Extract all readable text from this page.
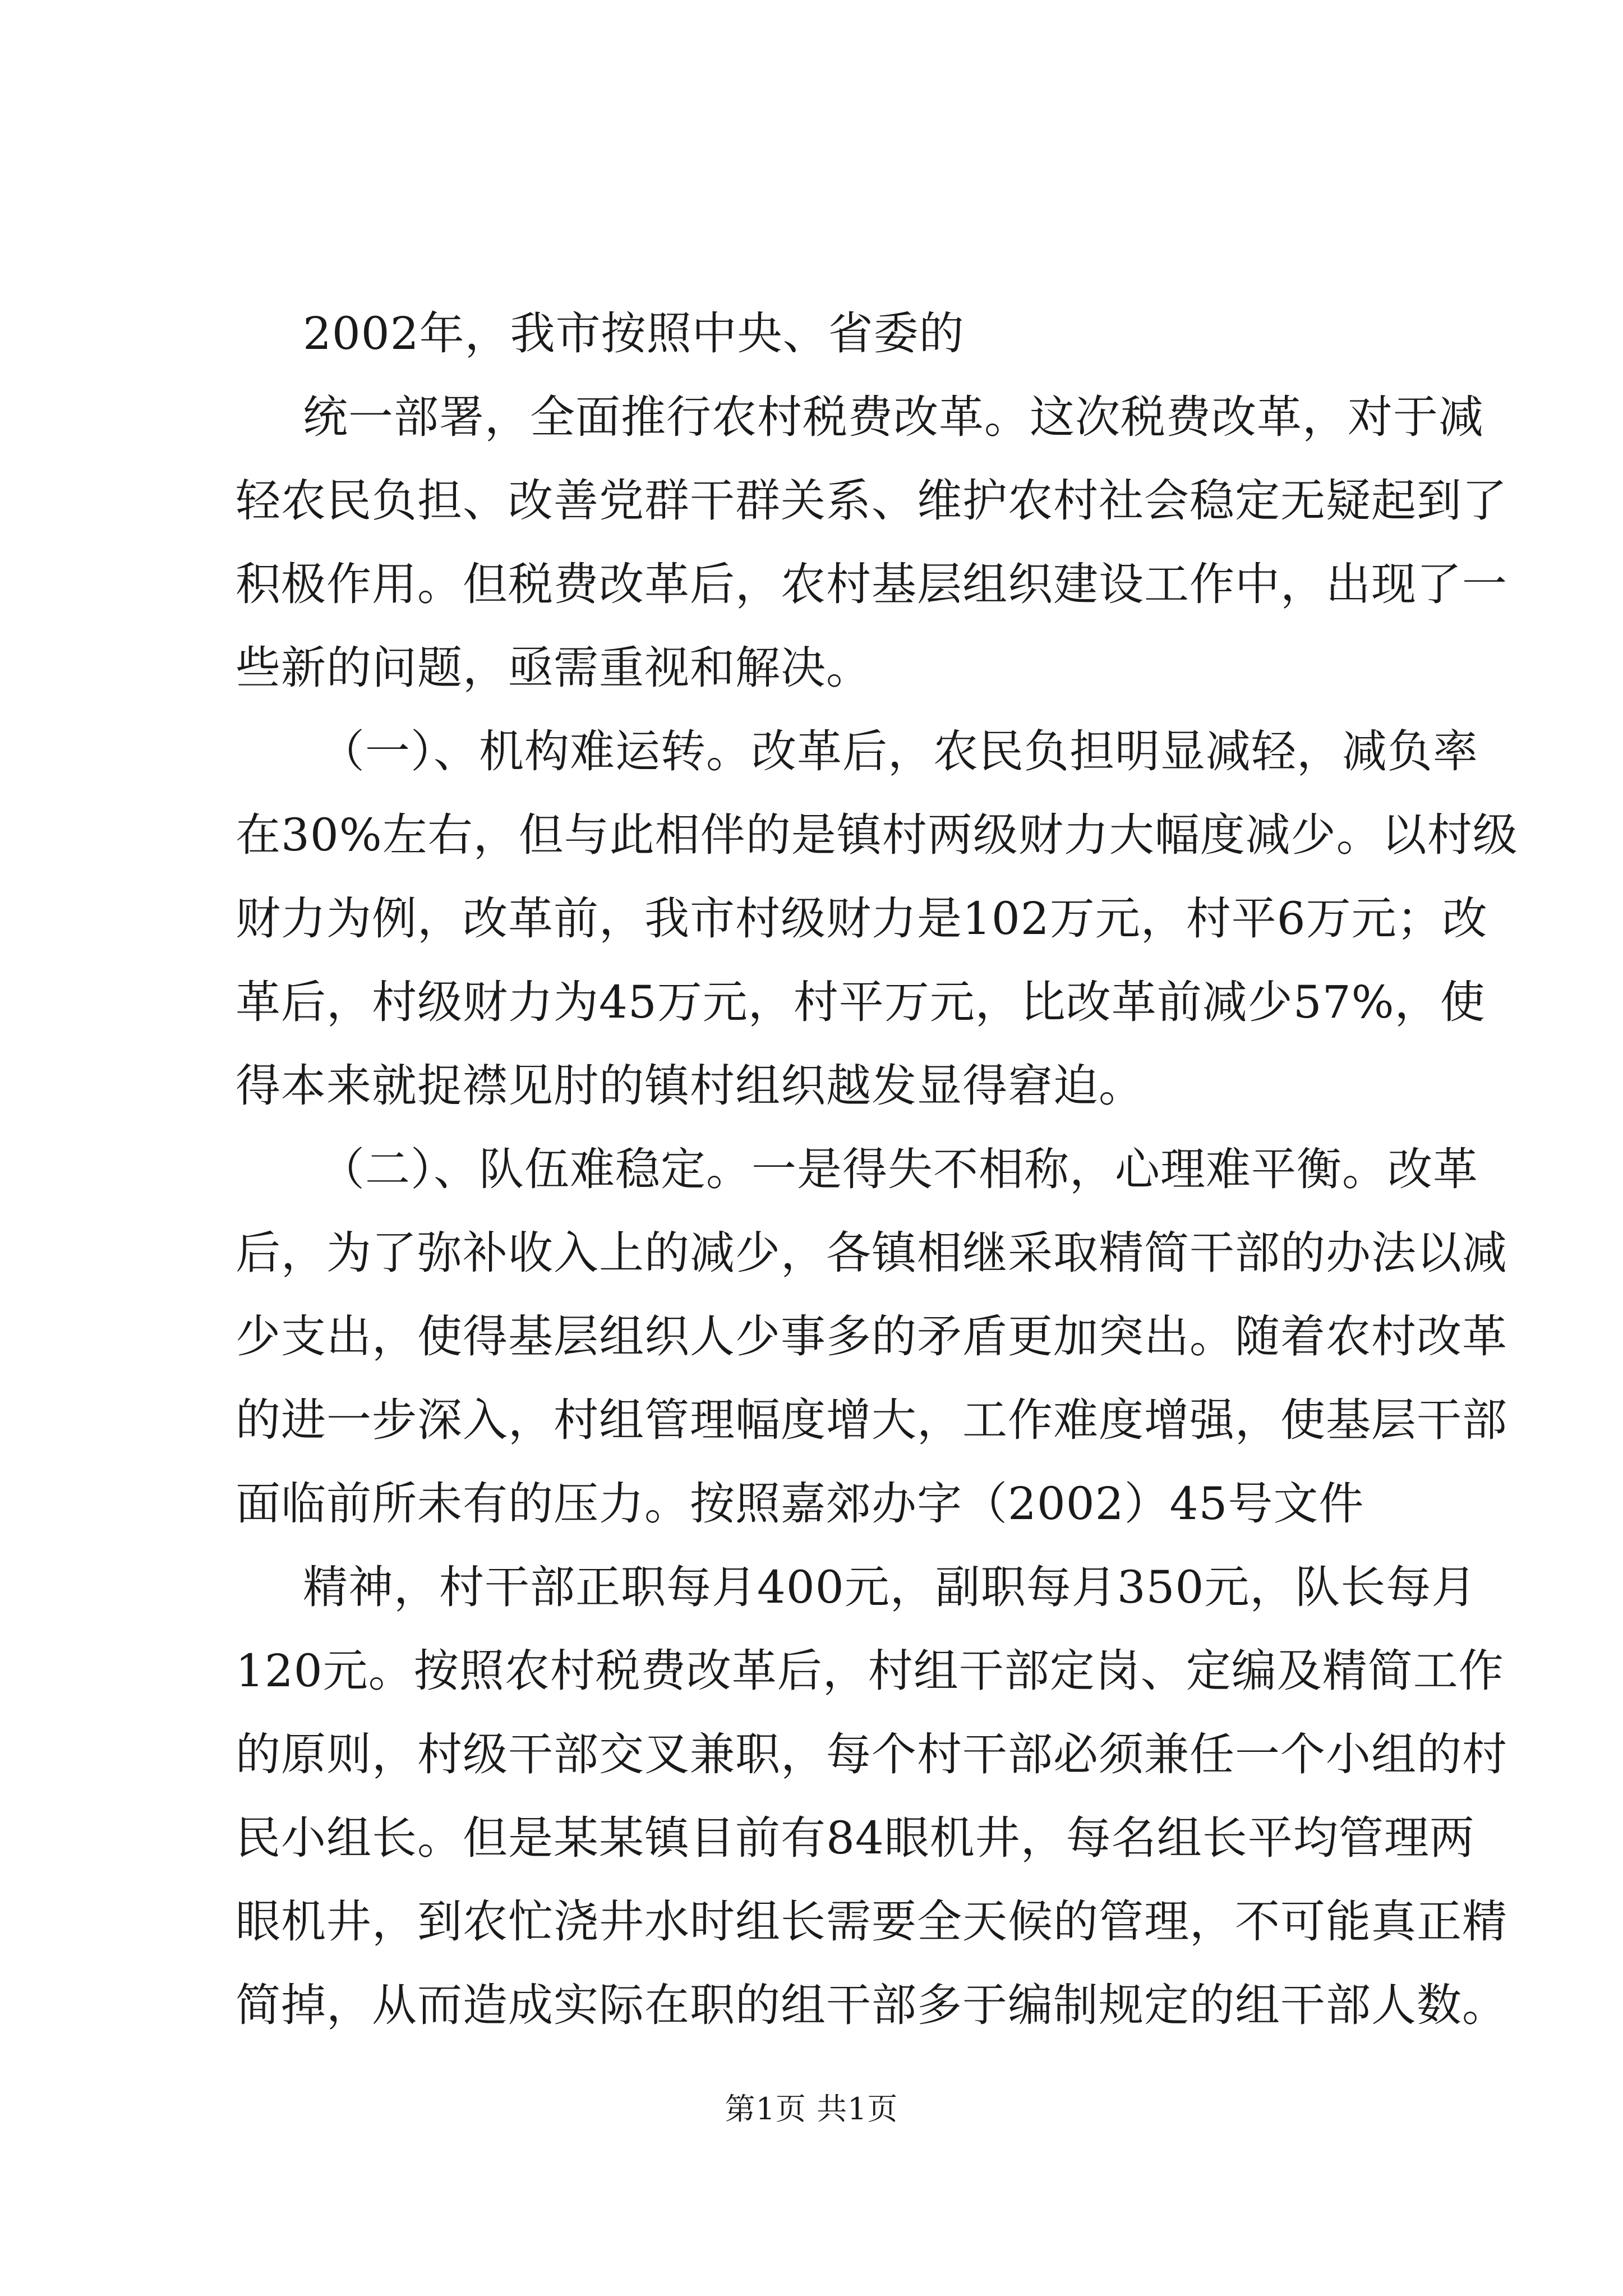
2002年，我市按照中央、省委的
统一部署，全面推行农村税费改革。这次税费改革，对于减
轻农民负担、改善党群干群关系、维护农村社会稳定无疑起到了
积极作用。但税费改革后，农村基层组织建设工作中，出现了一
些新的问题，亟需重视和解决。
（一）、机构难运转。改革后，农民负担明显减轻，减负率
在30%左右，但与此相伴的是镇村两级财力大幅度减少。以村级
财力为例，改革前，我市村级财力是102万元，村平6万元；改
革后，村级财力为45万元，村平万元，比改革前减少57%，使
得本来就捉襟见肘的镇村组织越发显得窘迫。
（二）、队伍难稳定。一是得失不相称，心理难平衡。改革
后，为了弥补收入上的减少，各镇相继采取精简干部的办法以减
少支出，使得基层组织人少事多的矛盾更加突出。随着农村改革
的进一步深入，村组管理幅度增大，工作难度增强，使基层干部
面临前所未有的压力。按照嘉郊办字（2002）45号文件
精神，村干部正职每月400元，副职每月350元，队长每月
120元。按照农村税费改革后，村组干部定岗、定编及精简工作
的原则，村级干部交叉兼职，每个村干部必须兼任一个小组的村
民小组长。但是某某镇目前有84眼机井，每名组长平均管理两
眼机井，到农忙浇井水时组长需要全天候的管理，不可能真正精
简掉，从而造成实际在职的组干部多于编制规定的组干部人数。
第1页 共1页
